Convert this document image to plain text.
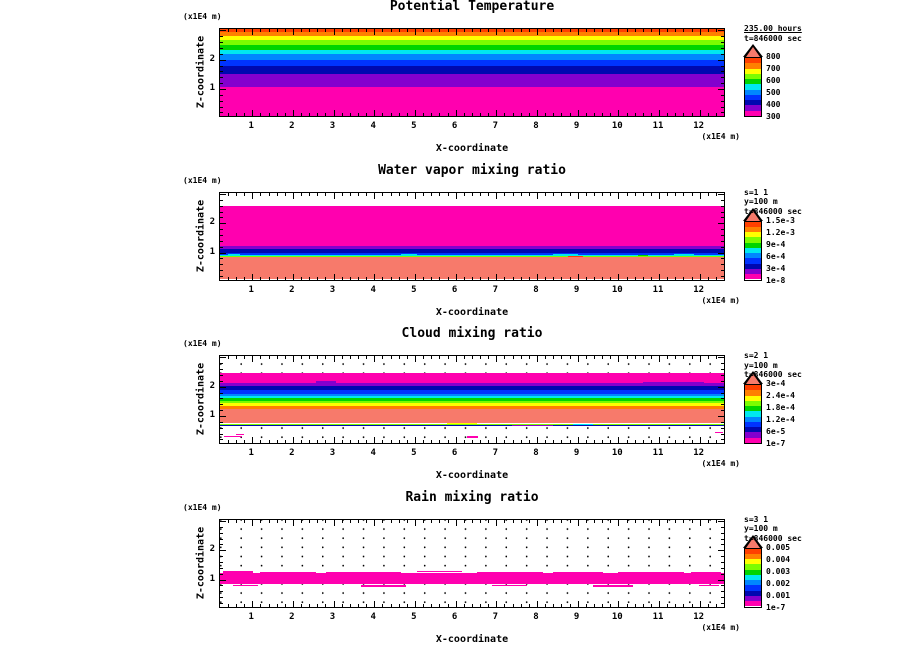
Potential Temperature
(x1E4 m)
Z-coordinate
(x1E4 m)
X-coordinate
1	2	3	4	5	6	7	8	9	10	11	12
2
1
235.00 hours
t=846000 sec
800
700
600
500
400
300
Water vapor mixing ratio
(x1E4 m)
Z-coordinate
(x1E4 m)
X-coordinate
1	2	3	4	5	6	7	8	9	10	11	12
2
1
s=1 1
y=100 m
t=846000 sec
1.5e-3
1.2e-3
9e-4
6e-4
3e-4
1e-8
Cloud mixing ratio
(x1E4 m)
Z-coordinate
(x1E4 m)
X-coordinate
1	2	3	4	5	6	7	8	9	10	11	12
2
1
s=2 1
y=100 m
t=846000 sec
3e-4
2.4e-4
1.8e-4
1.2e-4
6e-5
1e-7
Rain mixing ratio
(x1E4 m)
Z-coordinate
(x1E4 m)
X-coordinate
1	2	3	4	5	6	7	8	9	10	11	12
2
1
s=3 1
y=100 m
t=846000 sec
0.005
0.004
0.003
0.002
0.001
1e-7
